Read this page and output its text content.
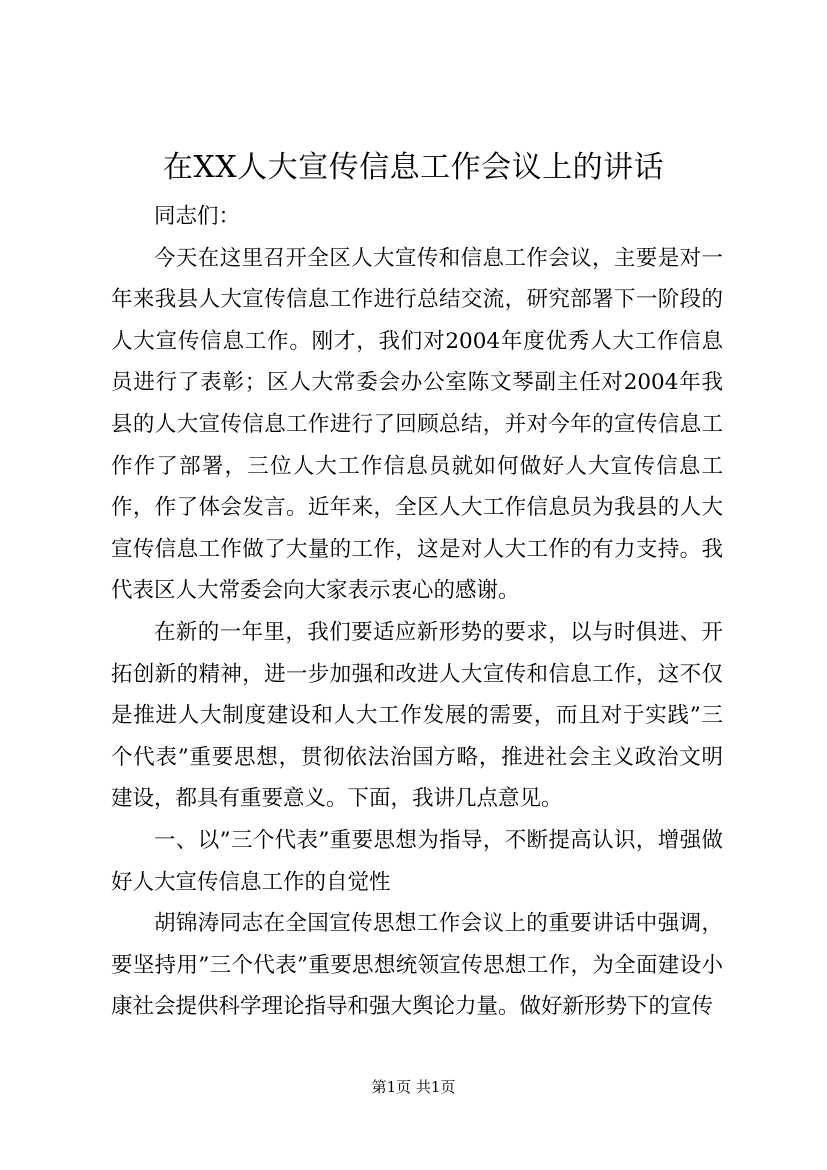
在XX人大宣传信息工作会议上的讲话

同志们：

今天在这里召开全区人大宣传和信息工作会议，主要是对一年来我县人大宣传信息工作进行总结交流，研究部署下一阶段的人大宣传信息工作。刚才，我们对2004年度优秀人大工作信息员进行了表彰；区人大常委会办公室陈文琴副主任对2004年我县的人大宣传信息工作进行了回顾总结，并对今年的宣传信息工作作了部署，三位人大工作信息员就如何做好人大宣传信息工作，作了体会发言。近年来，全区人大工作信息员为我县的人大宣传信息工作做了大量的工作，这是对人大工作的有力支持。我代表区人大常委会向大家表示衷心的感谢。

在新的一年里，我们要适应新形势的要求，以与时俱进、开拓创新的精神，进一步加强和改进人大宣传和信息工作，这不仅是推进人大制度建设和人大工作发展的需要，而且对于实践”三个代表”重要思想，贯彻依法治国方略，推进社会主义政治文明建设，都具有重要意义。下面，我讲几点意见。

一、以”三个代表”重要思想为指导，不断提高认识，增强做好人大宣传信息工作的自觉性

胡锦涛同志在全国宣传思想工作会议上的重要讲话中强调，要坚持用”三个代表”重要思想统领宣传思想工作，为全面建设小康社会提供科学理论指导和强大舆论力量。做好新形势下的宣传

第1页 共1页
